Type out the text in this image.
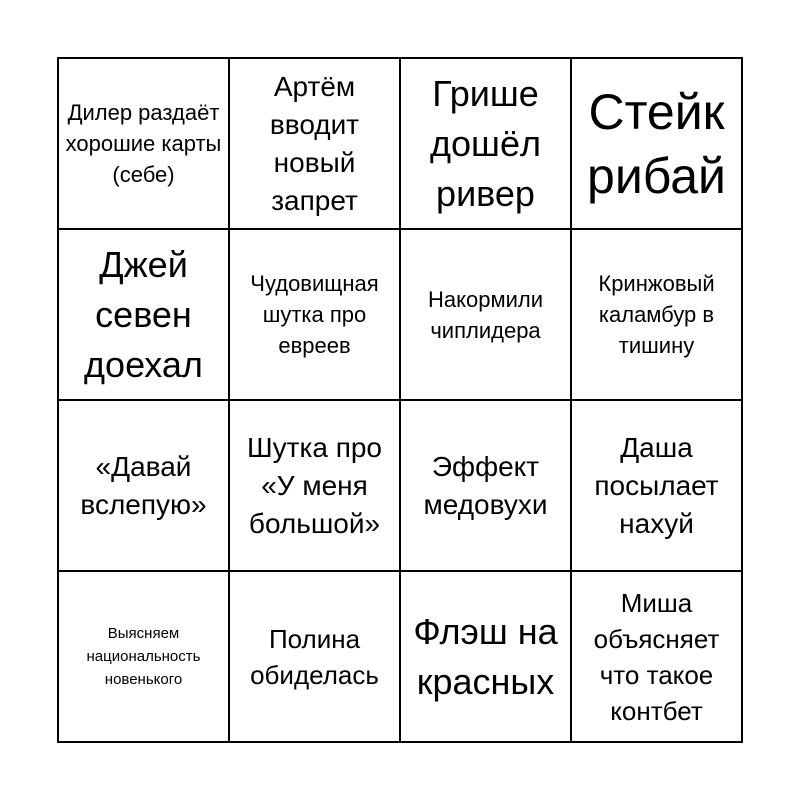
Дилер раздаёт хорошие карты (себе)
Артём вводит новый запрет
Грише дошёл ривер
Стейк рибай
Джей севен доехал
Чудовищная шутка про евреев
Накормили чиплидера
Кринжовый каламбур в тишину
«Давай вслепую»
Шутка про «У меня большой»
Эффект медовухи
Даша посылает нахуй
Выясняем национальность новенького
Полина обиделась
Флэш на красных
Миша объясняет что такое контбет
